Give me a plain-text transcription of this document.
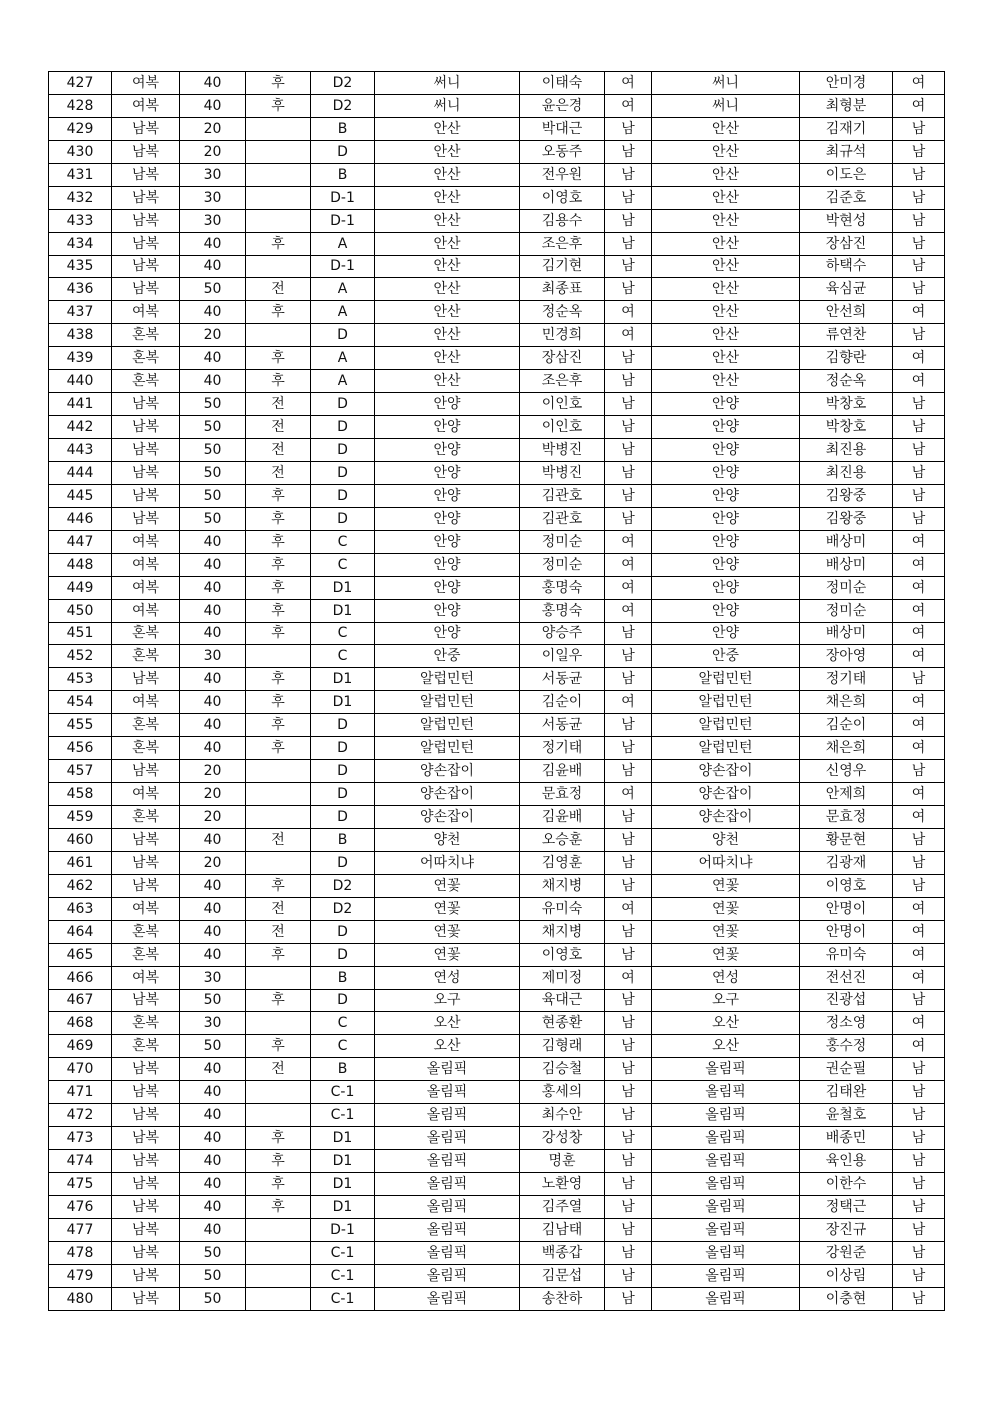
427	여복	40	후	D2	써니	이태숙	여	써니	안미경	여
428	여복	40	후	D2	써니	윤은경	여	써니	최형분	여
429	남복	20		B	안산	박대근	남	안산	김재기	남
430	남복	20		D	안산	오동주	남	안산	최규석	남
431	남복	30		B	안산	전우원	남	안산	이도은	남
432	남복	30		D-1	안산	이영호	남	안산	김준호	남
433	남복	30		D-1	안산	김용수	남	안산	박현성	남
434	남복	40	후	A	안산	조은후	남	안산	장삼진	남
435	남복	40		D-1	안산	김기현	남	안산	하택수	남
436	남복	50	전	A	안산	최종표	남	안산	육심균	남
437	여복	40	후	A	안산	정순옥	여	안산	안선희	여
438	혼복	20		D	안산	민경희	여	안산	류연찬	남
439	혼복	40	후	A	안산	장삼진	남	안산	김향란	여
440	혼복	40	후	A	안산	조은후	남	안산	정순옥	여
441	남복	50	전	D	안양	이인호	남	안양	박창호	남
442	남복	50	전	D	안양	이인호	남	안양	박창호	남
443	남복	50	전	D	안양	박병진	남	안양	최진용	남
444	남복	50	전	D	안양	박병진	남	안양	최진용	남
445	남복	50	후	D	안양	김관호	남	안양	김왕중	남
446	남복	50	후	D	안양	김관호	남	안양	김왕중	남
447	여복	40	후	C	안양	정미순	여	안양	배상미	여
448	여복	40	후	C	안양	정미순	여	안양	배상미	여
449	여복	40	후	D1	안양	홍명숙	여	안양	정미순	여
450	여복	40	후	D1	안양	홍명숙	여	안양	정미순	여
451	혼복	40	후	C	안양	양승주	남	안양	배상미	여
452	혼복	30		C	안중	이일우	남	안중	장아영	여
453	남복	40	후	D1	알럽민턴	서동균	남	알럽민턴	정기태	남
454	여복	40	후	D1	알럽민턴	김순이	여	알럽민턴	채은희	여
455	혼복	40	후	D	알럽민턴	서동균	남	알럽민턴	김순이	여
456	혼복	40	후	D	알럽민턴	정기태	남	알럽민턴	채은희	여
457	남복	20		D	양손잡이	김윤배	남	양손잡이	신영우	남
458	여복	20		D	양손잡이	문효정	여	양손잡이	안제희	여
459	혼복	20		D	양손잡이	김윤배	남	양손잡이	문효정	여
460	남복	40	전	B	양천	오승훈	남	양천	황문현	남
461	남복	20		D	어따치냐	김영훈	남	어따치냐	김광재	남
462	남복	40	후	D2	연꽃	채지병	남	연꽃	이영호	남
463	여복	40	전	D2	연꽃	유미숙	여	연꽃	안명이	여
464	혼복	40	전	D	연꽃	채지병	남	연꽃	안명이	여
465	혼복	40	후	D	연꽃	이영호	남	연꽃	유미숙	여
466	여복	30		B	연성	제미정	여	연성	전선진	여
467	남복	50	후	D	오구	육대근	남	오구	진광섭	남
468	혼복	30		C	오산	현종환	남	오산	정소영	여
469	혼복	50	후	C	오산	김형래	남	오산	홍수정	여
470	남복	40	전	B	올림픽	김승철	남	올림픽	권순필	남
471	남복	40		C-1	올림픽	홍세의	남	올림픽	김태완	남
472	남복	40		C-1	올림픽	최수안	남	올림픽	윤철호	남
473	남복	40	후	D1	올림픽	강성창	남	올림픽	배종민	남
474	남복	40	후	D1	올림픽	명훈	남	올림픽	육인용	남
475	남복	40	후	D1	올림픽	노환영	남	올림픽	이한수	남
476	남복	40	후	D1	올림픽	김주열	남	올림픽	정택근	남
477	남복	40		D-1	올림픽	김남태	남	올림픽	장진규	남
478	남복	50		C-1	올림픽	백종갑	남	올림픽	강원준	남
479	남복	50		C-1	올림픽	김문섭	남	올림픽	이상림	남
480	남복	50		C-1	올림픽	송찬하	남	올림픽	이충현	남
